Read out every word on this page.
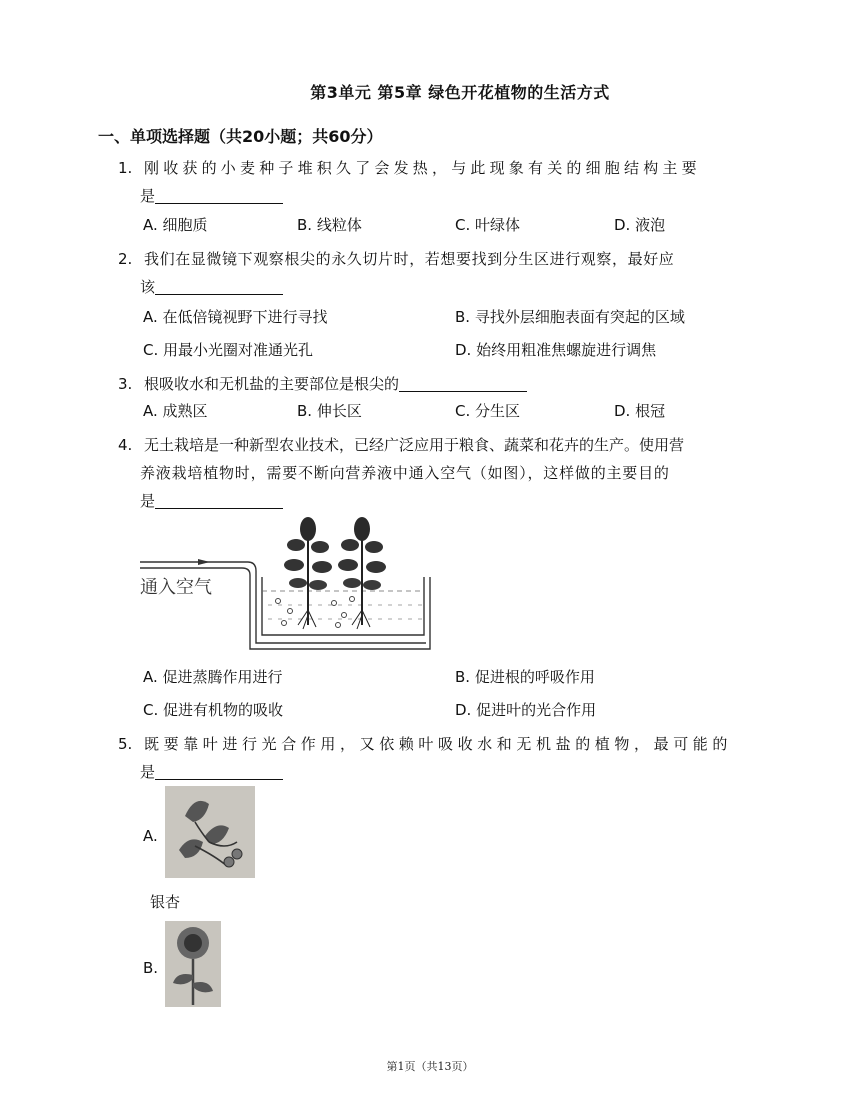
第3单元 第5章 绿色开花植物的生活方式
一、单项选择题（共20小题；共60分）
1. 刚收获的小麦种子堆积久了会发热，与此现象有关的细胞结构主要
是
A. 细胞质	B. 线粒体	C. 叶绿体	D. 液泡
2. 我们在显微镜下观察根尖的永久切片时，若想要找到分生区进行观察，最好应
该
A. 在低倍镜视野下进行寻找	B. 寻找外层细胞表面有突起的区域
C. 用最小光圈对准通光孔	D. 始终用粗准焦螺旋进行调焦
3. 根吸收水和无机盐的主要部位是根尖的
A. 成熟区	B. 伸长区	C. 分生区	D. 根冠
4. 无土栽培是一种新型农业技术，已经广泛应用于粮食、蔬菜和花卉的生产。使用营
养液栽培植物时，需要不断向营养液中通入空气（如图），这样做的主要目的
是
通入空气
A. 促进蒸腾作用进行	B. 促进根的呼吸作用
C. 促进有机物的吸收	D. 促进叶的光合作用
5. 既要靠叶进行光合作用，又依赖叶吸收水和无机盐的植物，最可能的
是
A.
银杏
B.
第1页（共13页）
